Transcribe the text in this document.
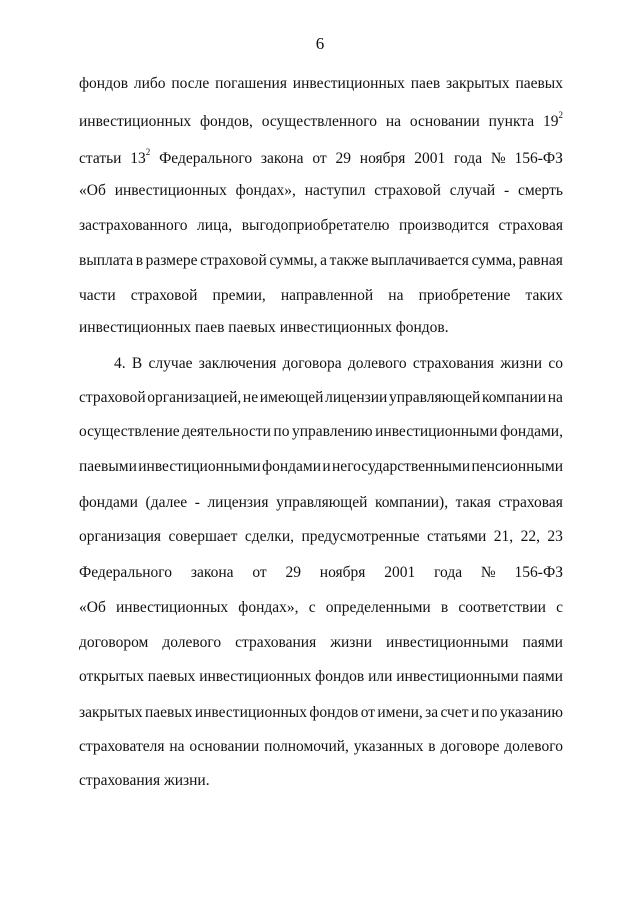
6
фондов либо после погашения инвестиционных паев закрытых паевых
инвестиционных фондов, осуществленного на основании пункта $19^2$
статьи $13^2$ Федерального закона от 29 ноября 2001 года № 156-ФЗ
«Об инвестиционных фондах», наступил страховой случай - смерть
застрахованного лица, выгодоприобретателю производится страховая
выплата в размере страховой суммы, а также выплачивается сумма, равная
части страховой премии, направленной на приобретение таких
инвестиционных паев паевых инвестиционных фондов.
4. В случае заключения договора долевого страхования жизни со
страховой организацией, не имеющей лицензии управляющей компании на
осуществление деятельности по управлению инвестиционными фондами,
паевыми инвестиционными фондами и негосударственными пенсионными
фондами (далее - лицензия управляющей компании), такая страховая
организация совершает сделки, предусмотренные статьями 21, 22, 23
Федерального закона от 29 ноября 2001 года № 156-ФЗ
«Об инвестиционных фондах», с определенными в соответствии с
договором долевого страхования жизни инвестиционными паями
открытых паевых инвестиционных фондов или инвестиционными паями
закрытых паевых инвестиционных фондов от имени, за счет и по указанию
страхователя на основании полномочий, указанных в договоре долевого
страхования жизни.
